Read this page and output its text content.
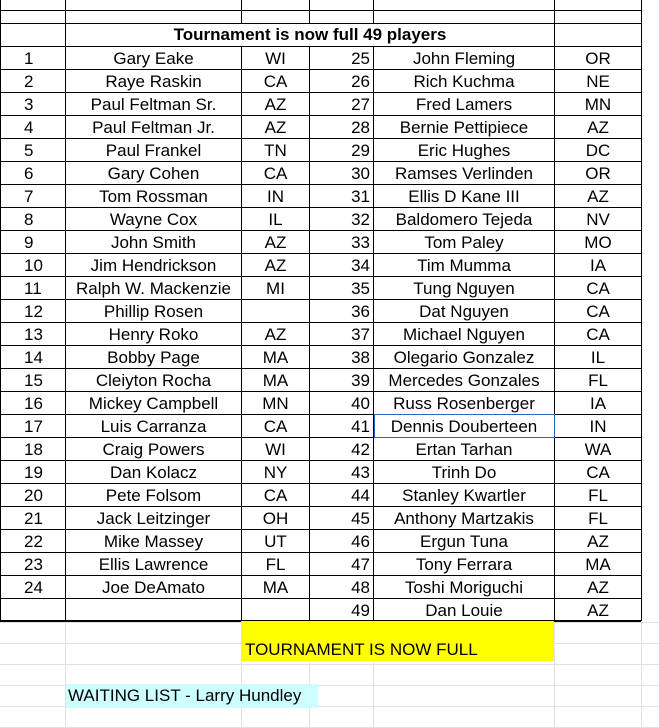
Tournament is now full 49 players
1	Gary Eake	WI
2	Raye Raskin	CA
3	Paul Feltman Sr.	AZ
4	Paul Feltman Jr.	AZ
5	Paul Frankel	TN
6	Gary Cohen	CA
7	Tom Rossman	IN
8	Wayne Cox	IL
9	John Smith	AZ
10	Jim Hendrickson	AZ
11	Ralph W. Mackenzie	MI
12	Phillip Rosen
13	Henry Roko	AZ
14	Bobby Page	MA
15	Cleiyton Rocha	MA
16	Mickey Campbell	MN
17	Luis Carranza	CA
18	Craig Powers	WI
19	Dan Kolacz	NY
20	Pete Folsom	CA
21	Jack Leitzinger	OH
22	Mike Massey	UT
23	Ellis Lawrence	FL
24	Joe DeAmato	MA
25	John Fleming	OR
26	Rich Kuchma	NE
27	Fred Lamers	MN
28	Bernie Pettipiece	AZ
29	Eric Hughes	DC
30	Ramses Verlinden	OR
31	Ellis D Kane III	AZ
32	Baldomero Tejeda	NV
33	Tom Paley	MO
34	Tim Mumma	IA
35	Tung Nguyen	CA
36	Dat Nguyen	CA
37	Michael Nguyen	CA
38	Olegario Gonzalez	IL
39	Mercedes Gonzales	FL
40	Russ Rosenberger	IA
41	Dennis Douberteen	IN
42	Ertan Tarhan	WA
43	Trinh Do	CA
44	Stanley Kwartler	FL
45	Anthony Martzakis	FL
46	Ergun Tuna	AZ
47	Tony Ferrara	MA
48	Toshi Moriguchi	AZ
49	Dan Louie	AZ
TOURNAMENT IS NOW FULL
WAITING LIST - Larry Hundley
